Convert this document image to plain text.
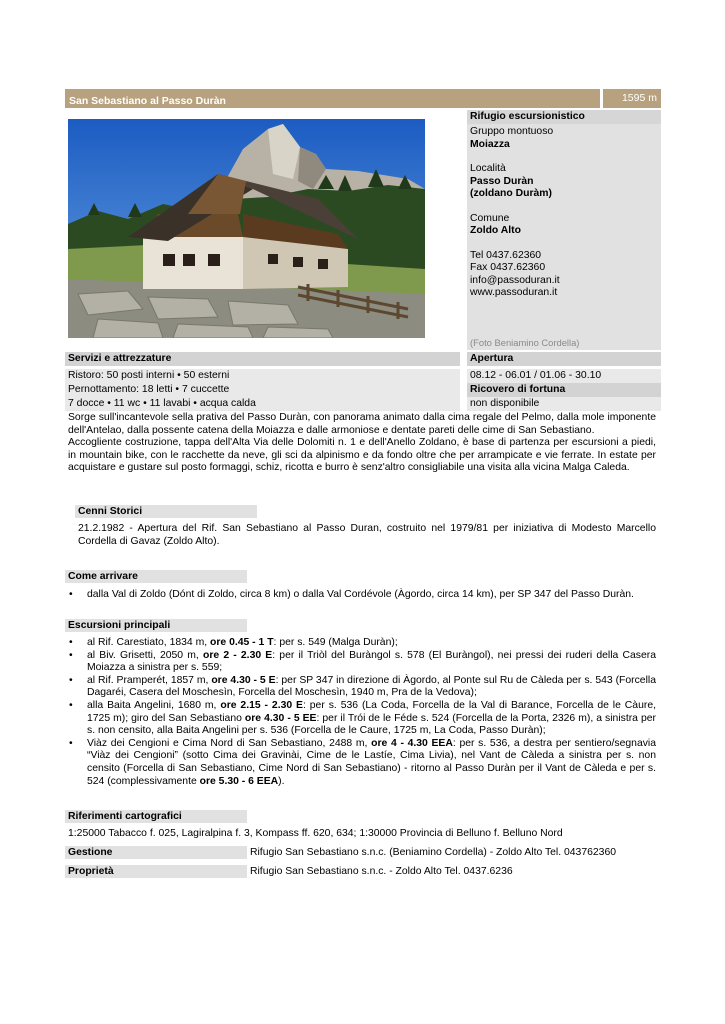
San Sebastiano al Passo Duràn	1595 m
Rifugio escursionistico
Gruppo montuoso
Moiazza
Località
Passo Duràn
(zoldano Duràm)
Comune
Zoldo Alto
Tel 0437.62360
Fax 0437.62360
info@passoduran.it
www.passoduran.it
(Foto Beniamino Cordella)
Servizi e attrezzature	Apertura
Ristoro: 50 posti interni • 50 esterni	08.12 - 06.01 / 01.06 - 30.10
Pernottamento: 18 letti • 7 cuccette	Ricovero di fortuna
7 docce • 11 wc • 11 lavabi • acqua calda	non disponibile
Sorge sull'incantevole sella prativa del Passo Duràn, con panorama animato dalla cima regale del Pelmo, dalla mole imponente dell'Antelao, dalla possente catena della Moiazza e dalle armoniose e dentate pareti delle cime di San Sebastiano.
Accogliente costruzione, tappa dell'Alta Via delle Dolomiti n. 1 e dell'Anello Zoldano, è base di partenza per escursioni a piedi, in mountain bike, con le racchette da neve, gli sci da alpinismo e da fondo oltre che per arrampicate e vie ferrate. In estate per acquistare e gustare sul posto formaggi, schiz, ricotta e burro è senz'altro consigliabile una visita alla vicina Malga Caleda.
Cenni Storici
21.2.1982 - Apertura del Rif. San Sebastiano al Passo Duran, costruito nel 1979/81 per iniziativa di Modesto Marcello Cordella di Gavaz (Zoldo Alto).
Come arrivare
• dalla Val di Zoldo (Dónt di Zoldo, circa 8 km) o dalla Val Cordévole (Àgordo, circa 14 km), per SP 347 del Passo Duràn.
Escursioni principali
• al Rif. Carestiato, 1834 m, ore 0.45 - 1 T: per s. 549 (Malga Duràn);
• al Biv. Grisetti, 2050 m, ore 2 - 2.30 E: per il Triòl del Buràngol s. 578 (El Buràngol), nei pressi dei ruderi della Casera Moiazza a sinistra per s. 559;
• al Rif. Pramperét, 1857 m, ore 4.30 - 5 E: per SP 347 in direzione di Àgordo, al Ponte sul Ru de Càleda per s. 543 (Forcella Dagaréi, Casera del Moschesìn, Forcella del Moschesìn, 1940 m, Pra de la Vedova);
• alla Baita Angelini, 1680 m, ore 2.15 - 2.30 E: per s. 536 (La Coda, Forcella de la Val di Barance, Forcella de le Càure, 1725 m); giro del San Sebastiano ore 4.30 - 5 EE: per il Trói de le Féde s. 524 (Forcella de la Porta, 2326 m), a sinistra per s. non censito, alla Baita Angelini per s. 536 (Forcella de le Caure, 1725 m, La Coda, Passo Duràn);
• Viàz dei Cengioni e Cima Nord di San Sebastiano, 2488 m, ore 4 - 4.30 EEA: per s. 536, a destra per sentiero/segnavia “Viàz dei Cengioni” (sotto Cima dei Gravinài, Cime de le Lastíe, Cima Livia), nel Vant de Càleda a sinistra per s. non censito (Forcella di San Sebastiano, Cime Nord di San Sebastiano) - ritorno al Passo Duràn per il Vant de Càleda e per s. 524 (complessivamente ore 5.30 - 6 EEA).
Riferimenti cartografici
1:25000 Tabacco f. 025, Lagiralpina f. 3, Kompass ff. 620, 634; 1:30000 Provincia di Belluno f. Belluno Nord
Gestione	Rifugio San Sebastiano s.n.c. (Beniamino Cordella) - Zoldo Alto Tel. 043762360
Proprietà	Rifugio San Sebastiano s.n.c. - Zoldo Alto Tel. 0437.6236
